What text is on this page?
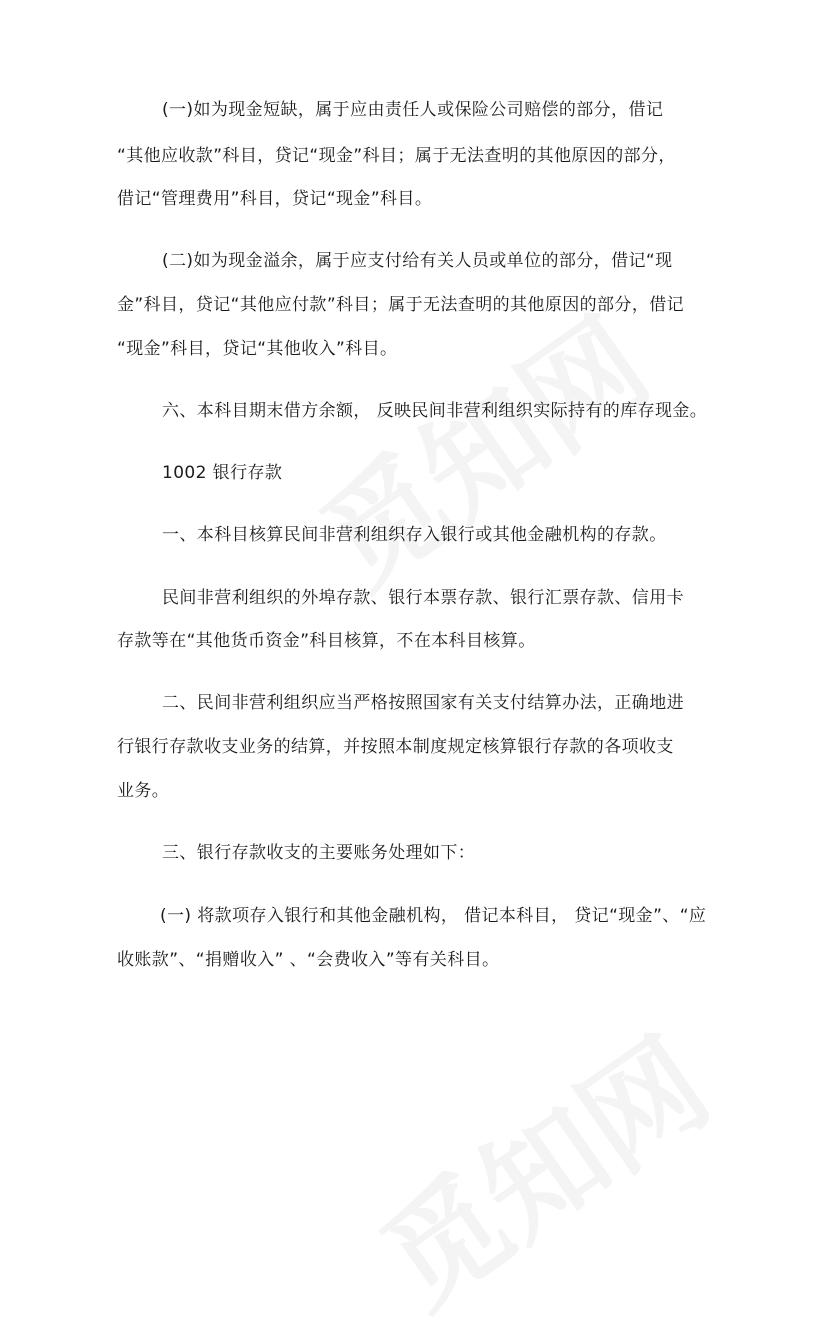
(一)如为现金短缺，属于应由责任人或保险公司赔偿的部分，借记
“其他应收款”科目，贷记“现金”科目；属于无法查明的其他原因的部分，
借记“管理费用”科目，贷记“现金”科目。
(二)如为现金溢余，属于应支付给有关人员或单位的部分，借记“现
金”科目，贷记“其他应付款”科目；属于无法查明的其他原因的部分，借记
“现金”科目，贷记“其他收入”科目。
六、本科目期末借方余额， 反映民间非营利组织实际持有的库存现金。
1002 银行存款
一、本科目核算民间非营利组织存入银行或其他金融机构的存款。
民间非营利组织的外埠存款、银行本票存款、银行汇票存款、信用卡
存款等在“其他货币资金”科目核算，不在本科目核算。
二、民间非营利组织应当严格按照国家有关支付结算办法，正确地进
行银行存款收支业务的结算，并按照本制度规定核算银行存款的各项收支
业务。
三、银行存款收支的主要账务处理如下：
(一) 将款项存入银行和其他金融机构， 借记本科目， 贷记“现金”、“应
收账款”、“捐赠收入” 、“会费收入”等有关科目。
